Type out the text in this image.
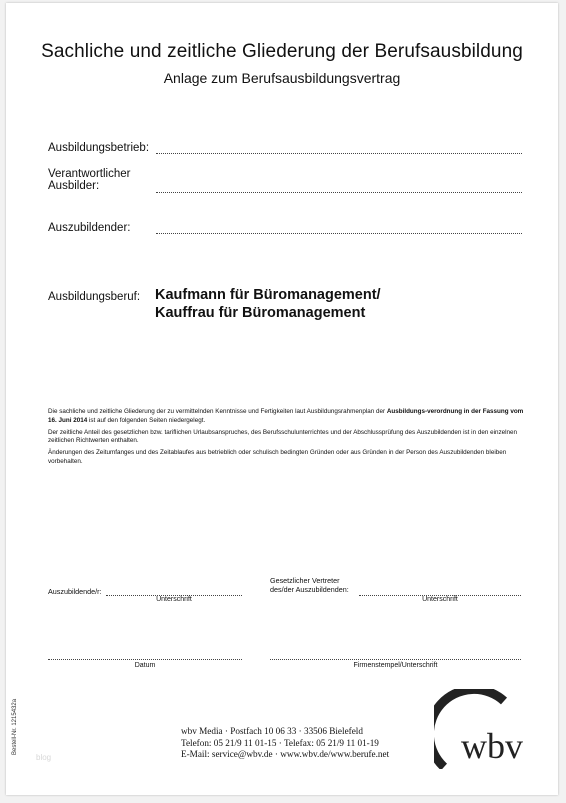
Sachliche und zeitliche Gliederung der Berufsausbildung
Anlage zum Berufsausbildungsvertrag
Ausbildungsbetrieb:
Verantwortlicher
Ausbilder:
Auszubildender:
Ausbildungsberuf: Kaufmann für Büromanagement/
Kauffrau für Büromanagement

Die sachliche und zeitliche Gliederung der zu vermittelnden Kenntnisse und Fertigkeiten laut Ausbildungsrahmenplan der Ausbildungs-verordnung in der Fassung vom 16. Juni 2014 ist auf den folgenden Seiten niedergelegt.

Der zeitliche Anteil des gesetzlichen bzw. tariflichen Urlaubsanspruches, des Berufsschulunterrichtes und der Abschlussprüfung des Auszubildenden ist in den einzelnen zeitlichen Richtwerten enthalten.

Änderungen des Zeitumfanges und des Zeitablaufes aus betrieblich oder schulisch bedingten Gründen oder aus Gründen in der Person des Auszubildenden bleiben vorbehalten.

Auszubildende/r:
Unterschrift
Gesetzlicher Vertreter
des/der Auszubildenden:
Unterschrift
Datum	Firmenstempel/Unterschrift
Bestell-Nr. 1215432a
blog
wbv Media · Postfach 10 06 33 · 33506 Bielefeld
Telefon: 05 21/9 11 01-15 · Telefax: 05 21/9 11 01-19
E-Mail: service@wbv.de · www.wbv.de/www.berufe.net wbv
